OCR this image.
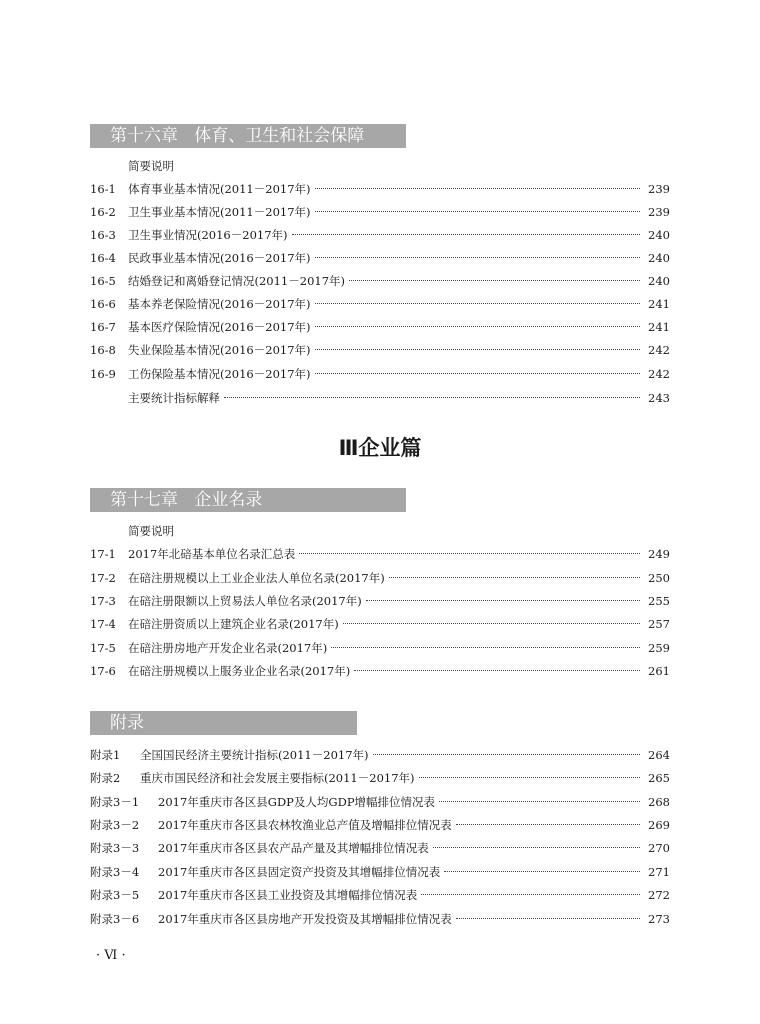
第十六章   体育、卫生和社会保障
简要说明
16-1	体育事业基本情况(2011－2017年)	239
16-2	卫生事业基本情况(2011－2017年)	239
16-3	卫生事业情况(2016－2017年)	240
16-4	民政事业基本情况(2016－2017年)	240
16-5	结婚登记和离婚登记情况(2011－2017年)	240
16-6	基本养老保险情况(2016－2017年)	241
16-7	基本医疗保险情况(2016－2017年)	241
16-8	失业保险基本情况(2016－2017年)	242
16-9	工伤保险基本情况(2016－2017年)	242
主要统计指标解释	243
Ⅲ企业篇
第十七章   企业名录
简要说明
17-1	2017年北碚基本单位名录汇总表	249
17-2	在碚注册规模以上工业企业法人单位名录(2017年)	250
17-3	在碚注册限额以上贸易法人单位名录(2017年)	255
17-4	在碚注册资质以上建筑企业名录(2017年)	257
17-5	在碚注册房地产开发企业名录(2017年)	259
17-6	在碚注册规模以上服务业企业名录(2017年)	261
附录
附录1	全国国民经济主要统计指标(2011－2017年)	264
附录2	重庆市国民经济和社会发展主要指标(2011－2017年)	265
附录3－1	2017年重庆市各区县GDP及人均GDP增幅排位情况表	268
附录3－2	2017年重庆市各区县农林牧渔业总产值及增幅排位情况表	269
附录3－3	2017年重庆市各区县农产品产量及其增幅排位情况表	270
附录3－4	2017年重庆市各区县固定资产投资及其增幅排位情况表	271
附录3－5	2017年重庆市各区县工业投资及其增幅排位情况表	272
附录3－6	2017年重庆市各区县房地产开发投资及其增幅排位情况表	273
· Ⅵ ·
